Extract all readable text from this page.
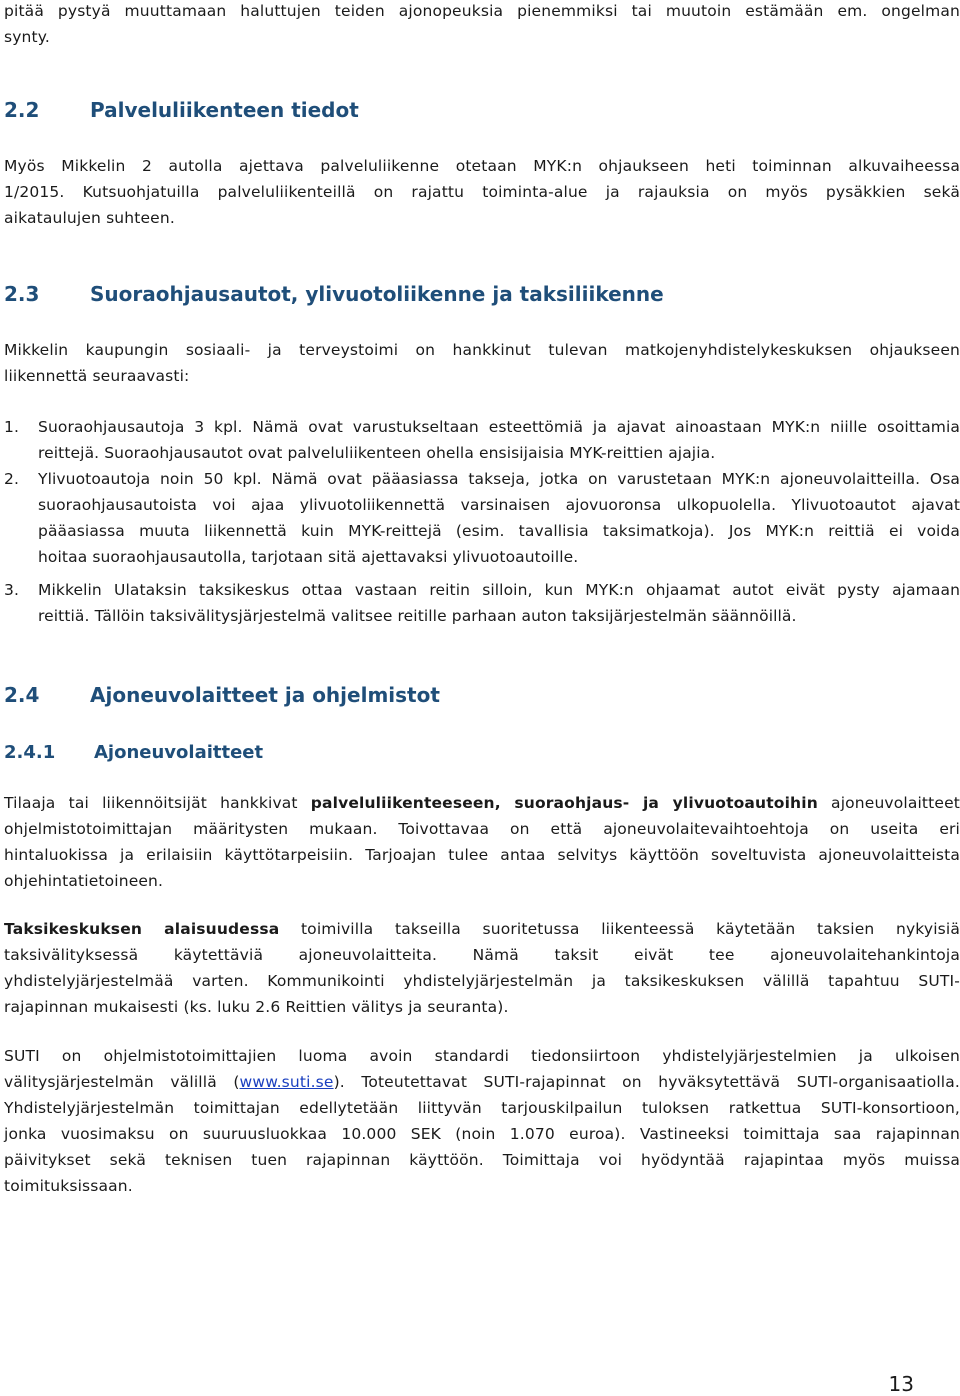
pitää pystyä muuttamaan haluttujen teiden ajonopeuksia pienemmiksi tai muutoin estämään em. ongelman
synty.
2.2	Palveluliikenteen tiedot
Myös Mikkelin 2 autolla ajettava palveluliikenne otetaan MYK:n ohjaukseen heti toiminnan alkuvaiheessa
1/2015. Kutsuohjatuilla palveluliikenteillä on rajattu toiminta-alue ja rajauksia on myös pysäkkien sekä
aikataulujen suhteen.
2.3	Suoraohjausautot, ylivuotoliikenne ja taksiliikenne
Mikkelin kaupungin sosiaali- ja terveystoimi on hankkinut tulevan matkojenyhdistelykeskuksen ohjaukseen
liikennettä seuraavasti:
1.	Suoraohjausautoja 3 kpl. Nämä ovat varustukseltaan esteettömiä ja ajavat ainoastaan MYK:n niille osoittamia
reittejä. Suoraohjausautot ovat palveluliikenteen ohella ensisijaisia MYK-reittien ajajia.
2.	Ylivuotoautoja noin 50 kpl. Nämä ovat pääasiassa takseja, jotka on varustetaan MYK:n ajoneuvolaitteilla. Osa
suoraohjausautoista voi ajaa ylivuotoliikennettä varsinaisen ajovuoronsa ulkopuolella. Ylivuotoautot ajavat
pääasiassa muuta liikennettä kuin MYK-reittejä (esim. tavallisia taksimatkoja). Jos MYK:n reittiä ei voida
hoitaa suoraohjausautolla, tarjotaan sitä ajettavaksi ylivuotoautoille.
3.	Mikkelin Ulataksin taksikeskus ottaa vastaan reitin silloin, kun MYK:n ohjaamat autot eivät pysty ajamaan
reittiä. Tällöin taksivälitysjärjestelmä valitsee reitille parhaan auton taksijärjestelmän säännöillä.
2.4	Ajoneuvolaitteet ja ohjelmistot
2.4.1 Ajoneuvolaitteet
Tilaaja tai liikennöitsijät hankkivat palveluliikenteeseen, suoraohjaus- ja ylivuotoautoihin ajoneuvolaitteet
ohjelmistotoimittajan määritysten mukaan. Toivottavaa on että ajoneuvolaitevaihtoehtoja on useita eri
hintaluokissa ja erilaisiin käyttötarpeisiin. Tarjoajan tulee antaa selvitys käyttöön soveltuvista ajoneuvolaitteista
ohjehintatietoineen.
Taksikeskuksen alaisuudessa toimivilla takseilla suoritetussa liikenteessä käytetään taksien nykyisiä
taksivälityksessä käytettäviä ajoneuvolaitteita. Nämä taksit eivät tee ajoneuvolaitehankintoja
yhdistelyjärjestelmää varten. Kommunikointi yhdistelyjärjestelmän ja taksikeskuksen välillä tapahtuu SUTI-
rajapinnan mukaisesti (ks. luku 2.6 Reittien välitys ja seuranta).
SUTI on ohjelmistotoimittajien luoma avoin standardi tiedonsiirtoon yhdistelyjärjestelmien ja ulkoisen
välitysjärjestelmän välillä (www.suti.se). Toteutettavat SUTI-rajapinnat on hyväksytettävä SUTI-organisaatiolla.
Yhdistelyjärjestelmän toimittajan edellytetään liittyvän tarjouskilpailun tuloksen ratkettua SUTI-konsortioon,
jonka vuosimaksu on suuruusluokkaa 10.000 SEK (noin 1.070 euroa). Vastineeksi toimittaja saa rajapinnan
päivitykset sekä teknisen tuen rajapinnan käyttöön. Toimittaja voi hyödyntää rajapintaa myös muissa
toimituksissaan.
13
